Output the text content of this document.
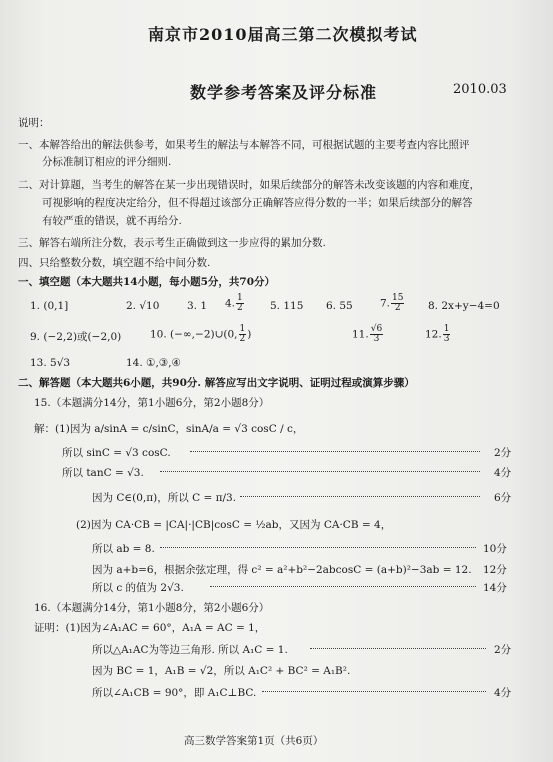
南京市2010届高三第二次模拟考试
数学参考答案及评分标准	2010.03
说明：
一、本解答给出的解法供参考，如果考生的解法与本解答不同，可根据试题的主要考查内容比照评
分标准制订相应的评分细则.
二、对计算题，当考生的解答在某一步出现错误时，如果后续部分的解答未改变该题的内容和难度，
可视影响的程度决定给分，但不得超过该部分正确解答应得分数的一半；如果后续部分的解答
有较严重的错误，就不再给分.
三、解答右端所注分数，表示考生正确做到这一步应得的累加分数.
四、只给整数分数，填空题不给中间分数.
一、填空题（本大题共14小题，每小题5分，共70分）
1. (0,1]	2. √10	3. 1 4. $\frac{1}{2} 5$. 115 6. 55	7. $\frac{15}{2} 8$. 2x+y−4=0
9. (−2,2)或(−2,0)	10. (−∞,−2)∪(0, $\frac{1}{2}$ )	11. $\frac{√6}{3}$	12. $\frac{1}{3}$
13. 5√3	14. ①,③,④
二、解答题（本大题共6小题，共90分. 解答应写出文字说明、证明过程或演算步骤）
15.（本题满分14分，第1小题6分，第2小题8分）
解：(1)因为 a/sinA = c/sinC，sinA/a = √3 cosC / c，
所以 sinC = √3 cosC.	2分
所以 tanC = √3.	4分
因为 C∈(0,π)，所以 C = π/3.	6分
(2)因为 CA·CB = |CA|·|CB|cosC = ½ab，又因为 CA·CB = 4，
所以 ab = 8.	10分
因为 a+b=6，根据余弦定理，得 c² = a²+b²−2abcosC = (a+b)²−3ab = 12. 12分
所以 c 的值为 2√3.	14分
16.（本题满分14分，第1小题8分，第2小题6分）
证明：(1)因为∠A₁AC = 60°，A₁A = AC = 1，
所以△A₁AC为等边三角形. 所以 A₁C = 1.	2分
因为 BC = 1，A₁B = √2，所以 A₁C² + BC² = A₁B².
所以∠A₁CB = 90°，即 A₁C⊥BC.	4分
高三数学答案第1页（共6页）
